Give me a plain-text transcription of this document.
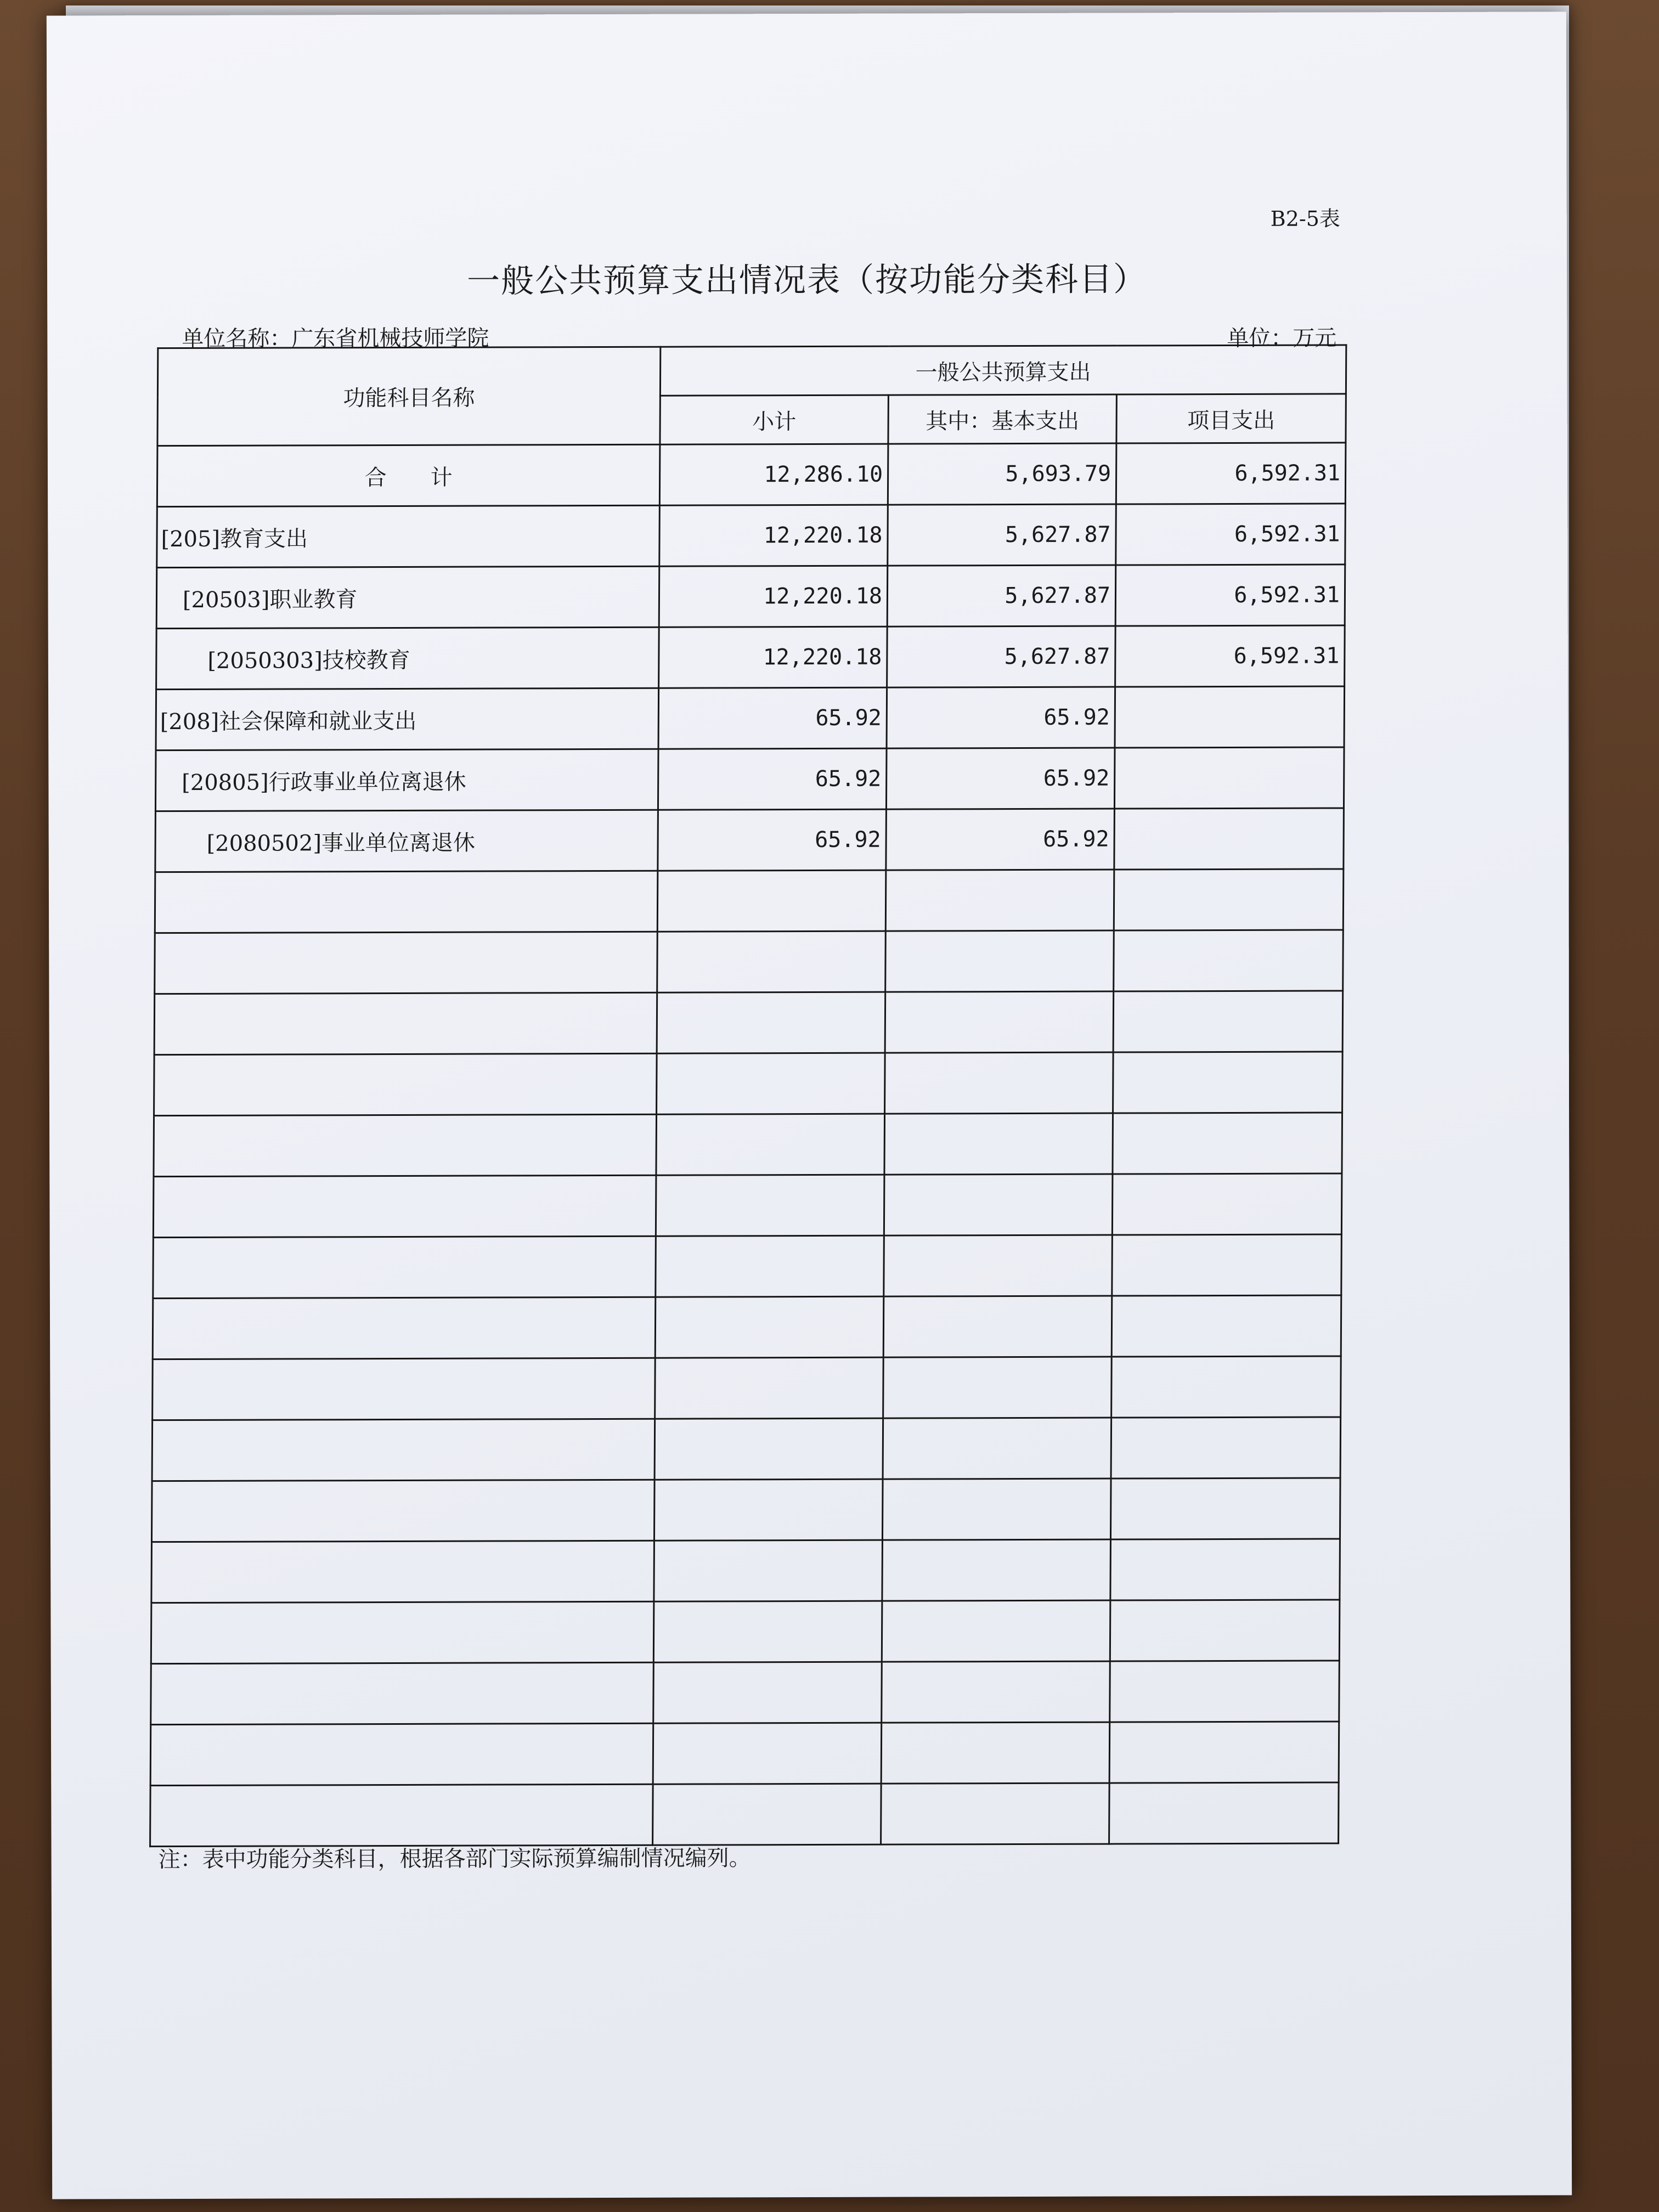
B2-5表
一般公共预算支出情况表（按功能分类科目）
单位名称：广东省机械技师学院	单位：万元
功能科目名称	一般公共预算支出		
	小计	其中：基本支出	项目支出
合　　计	12,286.10	5,693.79	6,592.31
[205]教育支出	12,220.18	5,627.87	6,592.31
[20503]职业教育	12,220.18	5,627.87	6,592.31
[2050303]技校教育	12,220.18	5,627.87	6,592.31
[208]社会保障和就业支出	65.92	65.92	
[20805]行政事业单位离退休	65.92	65.92	
[2080502]事业单位离退休	65.92	65.92	

注：表中功能分类科目，根据各部门实际预算编制情况编列。
